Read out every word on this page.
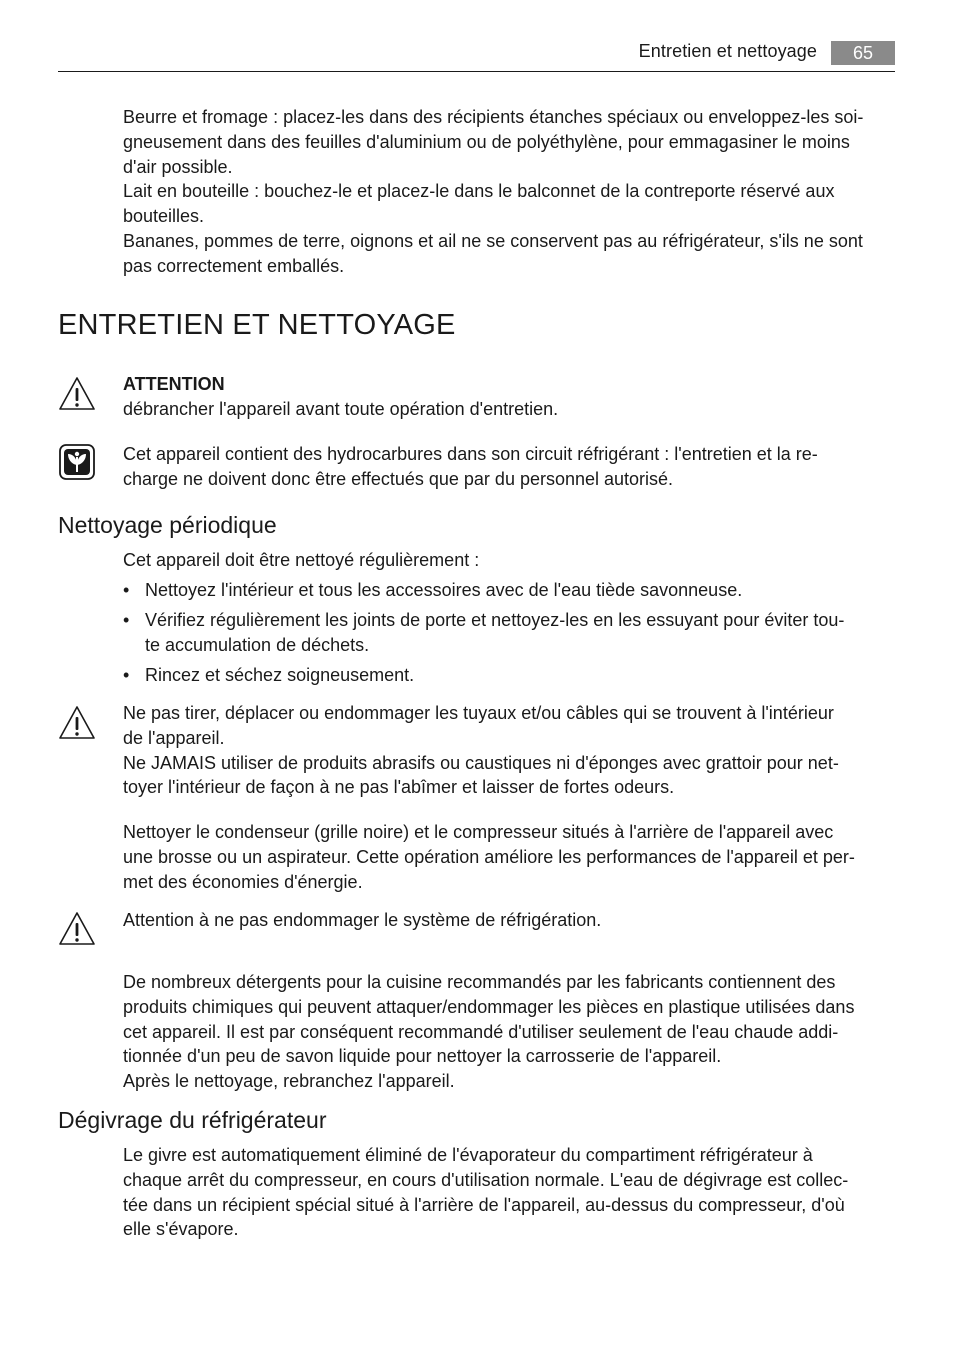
Entretien et nettoyage	65
Beurre et fromage : placez-les dans des récipients étanches spéciaux ou enveloppez-les soi-
gneusement dans des feuilles d'aluminium ou de polyéthylène, pour emmagasiner le moins
d'air possible.
Lait en bouteille : bouchez-le et placez-le dans le balconnet de la contreporte réservé aux
bouteilles.
Bananes, pommes de terre, oignons et ail ne se conservent pas au réfrigérateur, s'ils ne sont
pas correctement emballés.
ENTRETIEN ET NETTOYAGE
ATTENTION
débrancher l'appareil avant toute opération d'entretien.
Cet appareil contient des hydrocarbures dans son circuit réfrigérant : l'entretien et la re-
charge ne doivent donc être effectués que par du personnel autorisé.
Nettoyage périodique
Cet appareil doit être nettoyé régulièrement :
• Nettoyez l'intérieur et tous les accessoires avec de l'eau tiède savonneuse.
• Vérifiez régulièrement les joints de porte et nettoyez-les en les essuyant pour éviter tou-
te accumulation de déchets.
• Rincez et séchez soigneusement.
Ne pas tirer, déplacer ou endommager les tuyaux et/ou câbles qui se trouvent à l'intérieur
de l'appareil.
Ne JAMAIS utiliser de produits abrasifs ou caustiques ni d'éponges avec grattoir pour net-
toyer l'intérieur de façon à ne pas l'abîmer et laisser de fortes odeurs.
Nettoyer le condenseur (grille noire) et le compresseur situés à l'arrière de l'appareil avec
une brosse ou un aspirateur. Cette opération améliore les performances de l'appareil et per-
met des économies d'énergie.
Attention à ne pas endommager le système de réfrigération.
De nombreux détergents pour la cuisine recommandés par les fabricants contiennent des
produits chimiques qui peuvent attaquer/endommager les pièces en plastique utilisées dans
cet appareil. Il est par conséquent recommandé d'utiliser seulement de l'eau chaude addi-
tionnée d'un peu de savon liquide pour nettoyer la carrosserie de l'appareil.
Après le nettoyage, rebranchez l'appareil.
Dégivrage du réfrigérateur
Le givre est automatiquement éliminé de l'évaporateur du compartiment réfrigérateur à
chaque arrêt du compresseur, en cours d'utilisation normale. L'eau de dégivrage est collec-
tée dans un récipient spécial situé à l'arrière de l'appareil, au-dessus du compresseur, d'où
elle s'évapore.
